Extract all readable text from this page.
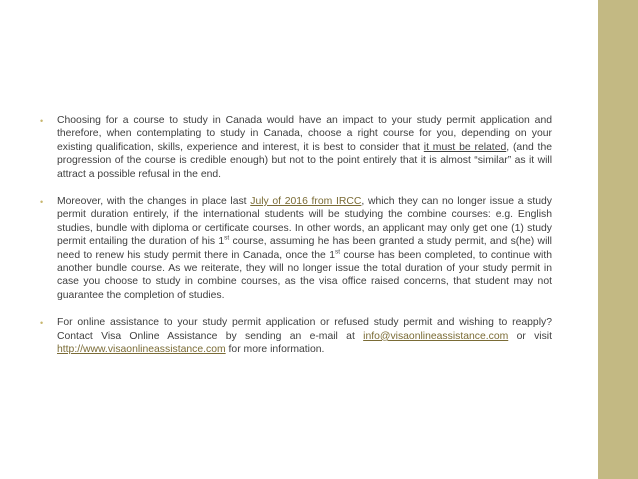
• Choosing for a course to study in Canada would have an impact to your study permit application and therefore, when contemplating to study in Canada, choose a right course for you, depending on your existing qualification, skills, experience and interest, it is best to consider that it must be related, (and the progression of the course is credible enough) but not to the point entirely that it is almost “similar” as it will attract a possible refusal in the end.
• Moreover, with the changes in place last July of 2016 from IRCC, which they can no longer issue a study permit duration entirely, if the international students will be studying the combine courses: e.g. English studies, bundle with diploma or certificate courses. In other words, an applicant may only get one (1) study permit entailing the duration of his 1st course, assuming he has been granted a study permit, and s(he) will need to renew his study permit there in Canada, once the 1st course has been completed, to continue with another bundle course. As we reiterate, they will no longer issue the total duration of your study permit in case you choose to study in combine courses, as the visa office raised concerns, that student may not guarantee the completion of studies.
• For online assistance to your study permit application or refused study permit and wishing to reapply? Contact Visa Online Assistance by sending an e-mail at info@visaonlineassistance.com or visit http://www.visaonlineassistance.com for more information.
